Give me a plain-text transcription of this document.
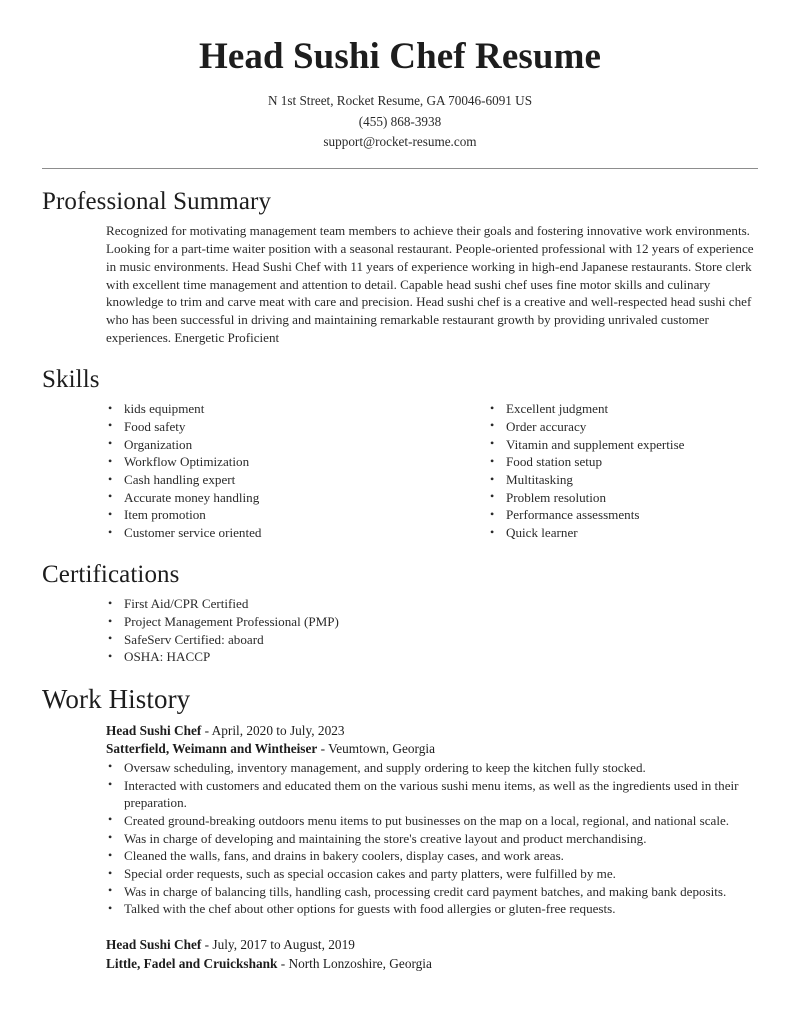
Head Sushi Chef Resume
N 1st Street, Rocket Resume, GA 70046-6091 US
(455) 868-3938
support@rocket-resume.com
Professional Summary

Recognized for motivating management team members to achieve their goals and fostering innovative work environments. Looking for a part-time waiter position with a seasonal restaurant. People-oriented professional with 12 years of experience in music environments. Head Sushi Chef with 11 years of experience working in high-end Japanese restaurants. Store clerk with excellent time management and attention to detail. Capable head sushi chef uses fine motor skills and culinary knowledge to trim and carve meat with care and precision. Head sushi chef is a creative and well-respected head sushi chef who has been successful in driving and maintaining remarkable restaurant growth by providing unrivaled customer experiences. Energetic Proficient

Skills
• kids equipment
• Food safety
• Organization
• Workflow Optimization
• Cash handling expert
• Accurate money handling
• Item promotion
• Customer service oriented
• Excellent judgment
• Order accuracy
• Vitamin and supplement expertise
• Food station setup
• Multitasking
• Problem resolution
• Performance assessments
• Quick learner
Certifications
• First Aid/CPR Certified
• Project Management Professional (PMP)
• SafeServ Certified: aboard
• OSHA: HACCP
Work History
Head Sushi Chef - April, 2020 to July, 2023
Satterfield, Weimann and Wintheiser - Veumtown, Georgia
• Oversaw scheduling, inventory management, and supply ordering to keep the kitchen fully stocked.
• Interacted with customers and educated them on the various sushi menu items, as well as the ingredients used in their preparation.
• Created ground-breaking outdoors menu items to put businesses on the map on a local, regional, and national scale.
• Was in charge of developing and maintaining the store's creative layout and product merchandising.
• Cleaned the walls, fans, and drains in bakery coolers, display cases, and work areas.
• Special order requests, such as special occasion cakes and party platters, were fulfilled by me.
• Was in charge of balancing tills, handling cash, processing credit card payment batches, and making bank deposits.
• Talked with the chef about other options for guests with food allergies or gluten-free requests.
Head Sushi Chef - July, 2017 to August, 2019
Little, Fadel and Cruickshank - North Lonzoshire, Georgia
